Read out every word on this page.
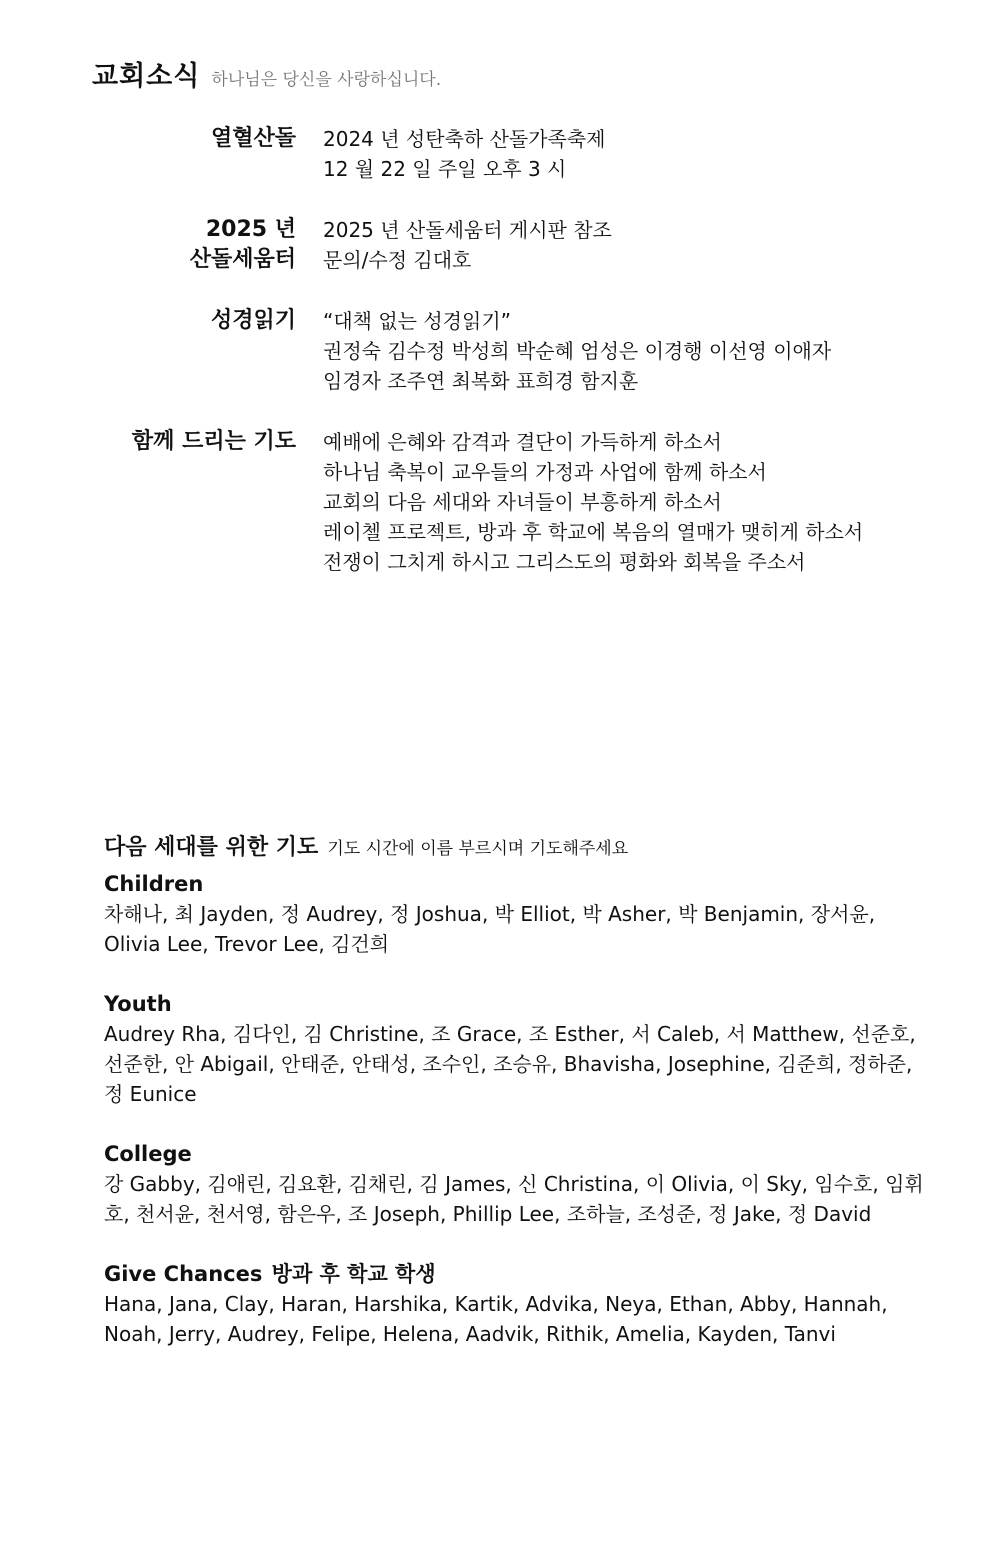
교회소식 하나님은 당신을 사랑하십니다.
열혈산돌 2024 년 성탄축하 산돌가족축제
12 월 22 일 주일 오후 3 시
2025 년
산돌세움터
2025 년 산돌세움터 게시판 참조
문의/수정 김대호
성경읽기 “대책 없는 성경읽기”
권정숙 김수정 박성희 박순혜 엄성은 이경행 이선영 이애자
임경자 조주연 최복화 표희경 함지훈
함께 드리는 기도 예배에 은혜와 감격과 결단이 가득하게 하소서
하나님 축복이 교우들의 가정과 사업에 함께 하소서
교회의 다음 세대와 자녀들이 부흥하게 하소서
레이첼 프로젝트, 방과 후 학교에 복음의 열매가 맺히게 하소서
전쟁이 그치게 하시고 그리스도의 평화와 회복을 주소서
다음 세대를 위한 기도 기도 시간에 이름 부르시며 기도해주세요
Children
차해나, 최 Jayden, 정 Audrey, 정 Joshua, 박 Elliot, 박 Asher, 박 Benjamin, 장서윤, Olivia Lee, Trevor Lee, 김건희
Youth
Audrey Rha, 김다인, 김 Christine, 조 Grace, 조 Esther, 서 Caleb, 서 Matthew, 선준호, 선준한, 안 Abigail, 안태준, 안태성, 조수인, 조승유, Bhavisha, Josephine, 김준희, 정하준, 정 Eunice
College
강 Gabby, 김애린, 김요환, 김채린, 김 James, 신 Christina, 이 Olivia, 이 Sky, 임수호, 임휘호, 천서윤, 천서영, 함은우, 조 Joseph, Phillip Lee, 조하늘, 조성준, 정 Jake, 정 David
Give Chances 방과 후 학교 학생
Hana, Jana, Clay, Haran, Harshika, Kartik, Advika, Neya, Ethan, Abby, Hannah, Noah, Jerry, Audrey, Felipe, Helena, Aadvik, Rithik, Amelia, Kayden, Tanvi
